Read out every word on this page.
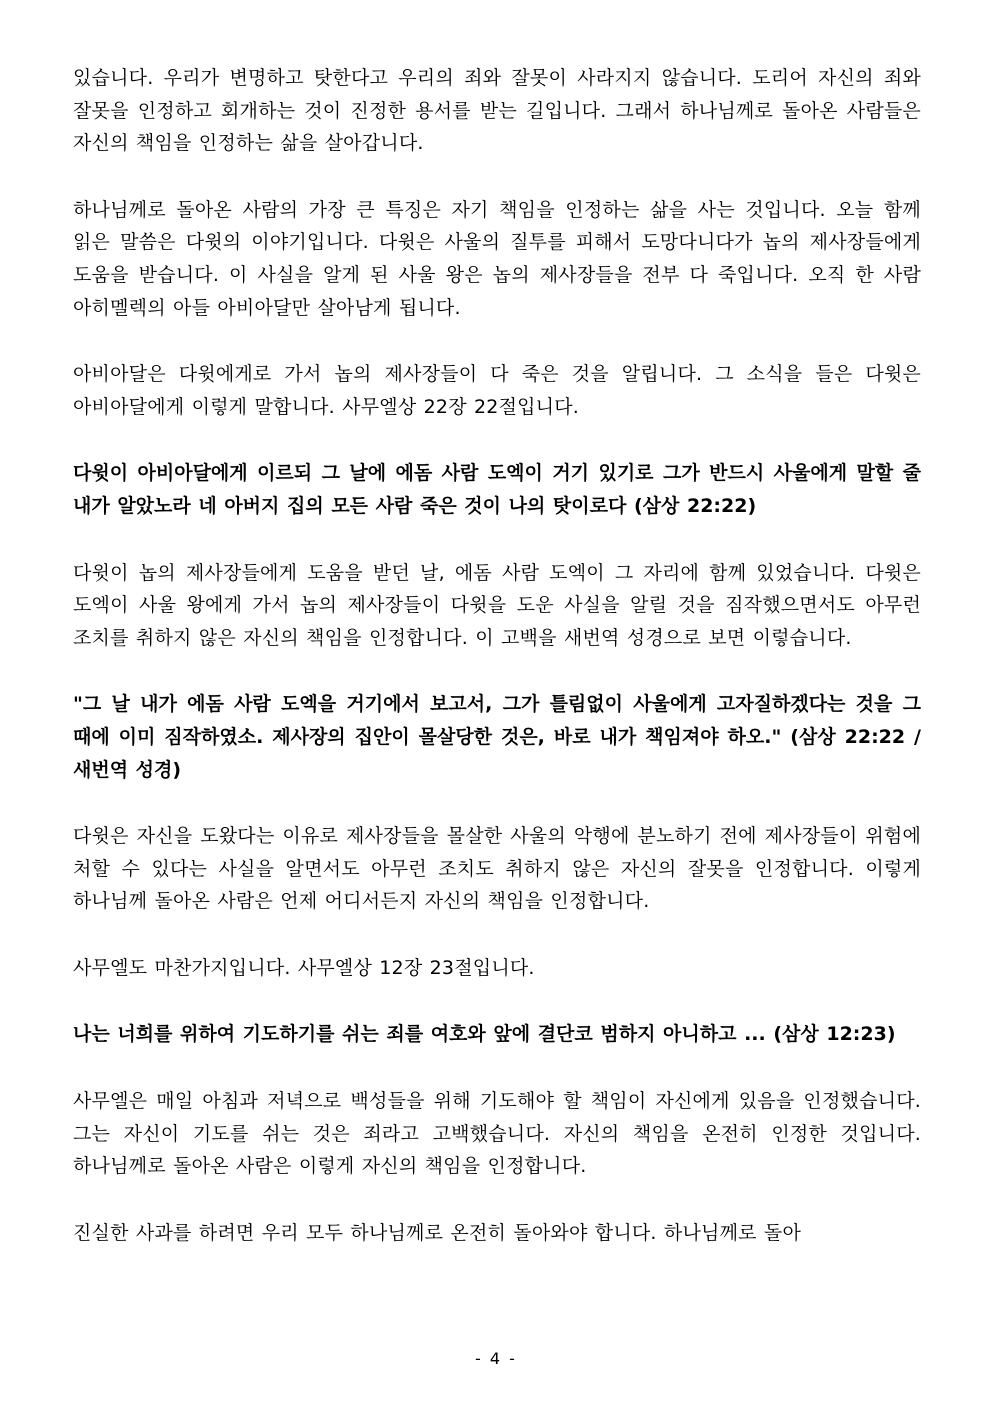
있습니다. 우리가 변명하고 탓한다고 우리의 죄와 잘못이 사라지지 않습니다. 도리어 자신의 죄와 잘못을 인정하고 회개하는 것이 진정한 용서를 받는 길입니다. 그래서 하나님께로 돌아온 사람들은 자신의 책임을 인정하는 삶을 살아갑니다.

하나님께로 돌아온 사람의 가장 큰 특징은 자기 책임을 인정하는 삶을 사는 것입니다. 오늘 함께 읽은 말씀은 다윗의 이야기입니다. 다윗은 사울의 질투를 피해서 도망다니다가 놉의 제사장들에게 도움을 받습니다. 이 사실을 알게 된 사울 왕은 놉의 제사장들을 전부 다 죽입니다. 오직 한 사람 아히멜렉의 아들 아비아달만 살아남게 됩니다.

아비아달은 다윗에게로 가서 놉의 제사장들이 다 죽은 것을 알립니다. 그 소식을 들은 다윗은 아비아달에게 이렇게 말합니다. 사무엘상 22장 22절입니다.

다윗이 아비아달에게 이르되 그 날에 에돔 사람 도엑이 거기 있기로 그가 반드시 사울에게 말할 줄 내가 알았노라 네 아버지 집의 모든 사람 죽은 것이 나의 탓이로다 (삼상 22:22)

다윗이 놉의 제사장들에게 도움을 받던 날, 에돔 사람 도엑이 그 자리에 함께 있었습니다. 다윗은 도엑이 사울 왕에게 가서 놉의 제사장들이 다윗을 도운 사실을 알릴 것을 짐작했으면서도 아무런 조치를 취하지 않은 자신의 책임을 인정합니다. 이 고백을 새번역 성경으로 보면 이렇습니다.

"그 날 내가 에돔 사람 도엑을 거기에서 보고서, 그가 틀림없이 사울에게 고자질하겠다는 것을 그 때에 이미 짐작하였소. 제사장의 집안이 몰살당한 것은, 바로 내가 책임져야 하오." (삼상 22:22 / 새번역 성경)

다윗은 자신을 도왔다는 이유로 제사장들을 몰살한 사울의 악행에 분노하기 전에 제사장들이 위험에 처할 수 있다는 사실을 알면서도 아무런 조치도 취하지 않은 자신의 잘못을 인정합니다. 이렇게 하나님께 돌아온 사람은 언제 어디서든지 자신의 책임을 인정합니다.

사무엘도 마찬가지입니다. 사무엘상 12장 23절입니다.

나는 너희를 위하여 기도하기를 쉬는 죄를 여호와 앞에 결단코 범하지 아니하고 ... (삼상 12:23)

사무엘은 매일 아침과 저녁으로 백성들을 위해 기도해야 할 책임이 자신에게 있음을 인정했습니다. 그는 자신이 기도를 쉬는 것은 죄라고 고백했습니다. 자신의 책임을 온전히 인정한 것입니다. 하나님께로 돌아온 사람은 이렇게 자신의 책임을 인정합니다.

진실한 사과를 하려면 우리 모두 하나님께로 온전히 돌아와야 합니다. 하나님께로 돌아

- 4 -
